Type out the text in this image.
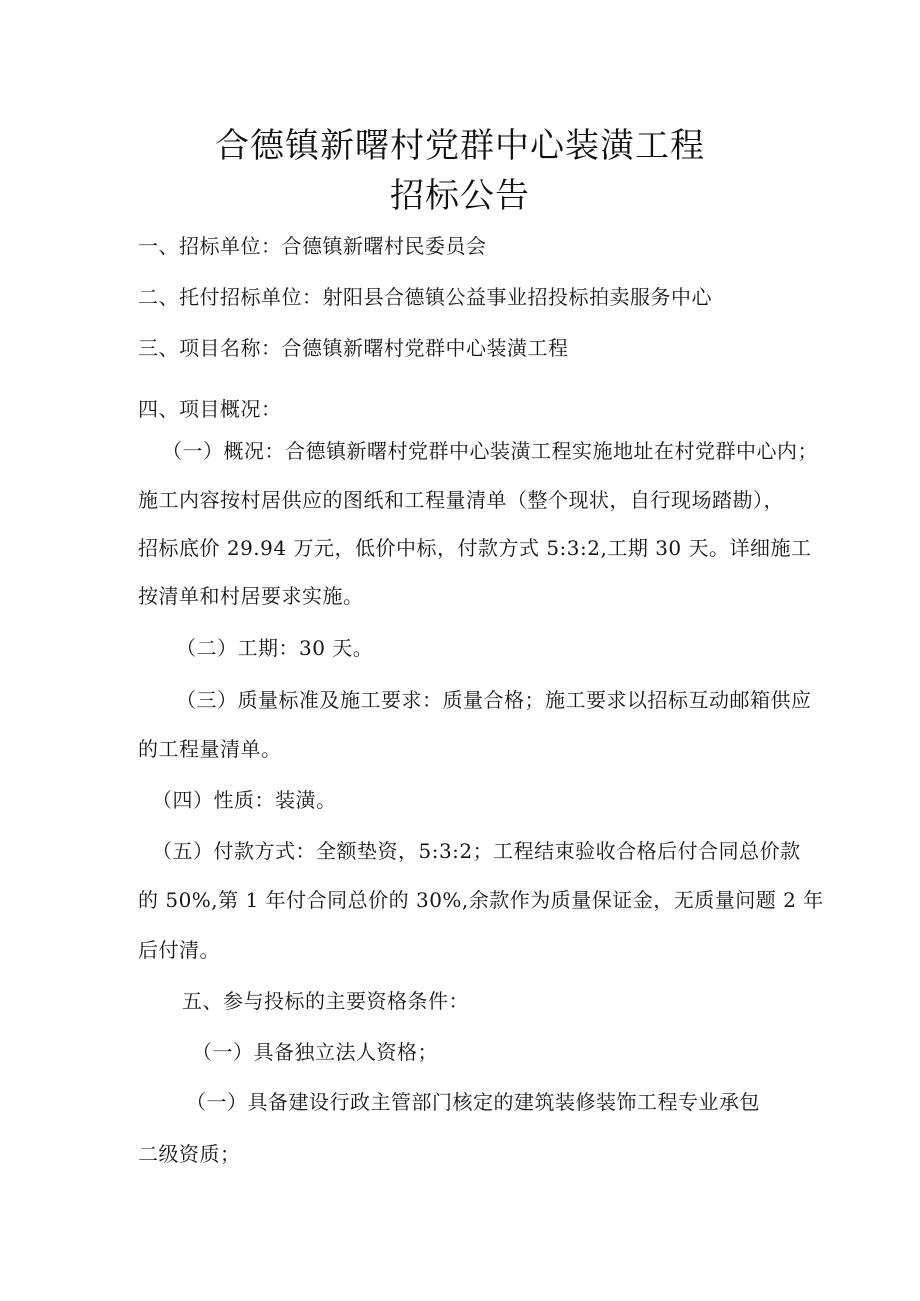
合德镇新曙村党群中心装潢工程
招标公告
一、招标单位：合德镇新曙村民委员会
二、托付招标单位：射阳县合德镇公益事业招投标拍卖服务中心
三、项目名称：合德镇新曙村党群中心装潢工程
四、项目概况：
（一）概况：合德镇新曙村党群中心装潢工程实施地址在村党群中心内；
施工内容按村居供应的图纸和工程量清单（整个现状，自行现场踏勘），
招标底价 29.94 万元，低价中标，付款方式 5:3:2,工期 30 天。详细施工
按清单和村居要求实施。
（二）工期：30 天。
（三）质量标准及施工要求：质量合格；施工要求以招标互动邮箱供应
的工程量清单。
（四）性质：装潢。
（五）付款方式：全额垫资，5:3:2；工程结束验收合格后付合同总价款
的 50%,第 1 年付合同总价的 30%,余款作为质量保证金，无质量问题 2 年
后付清。
五、参与投标的主要资格条件：
（一）具备独立法人资格；
（一）具备建设行政主管部门核定的建筑装修装饰工程专业承包
二级资质；
